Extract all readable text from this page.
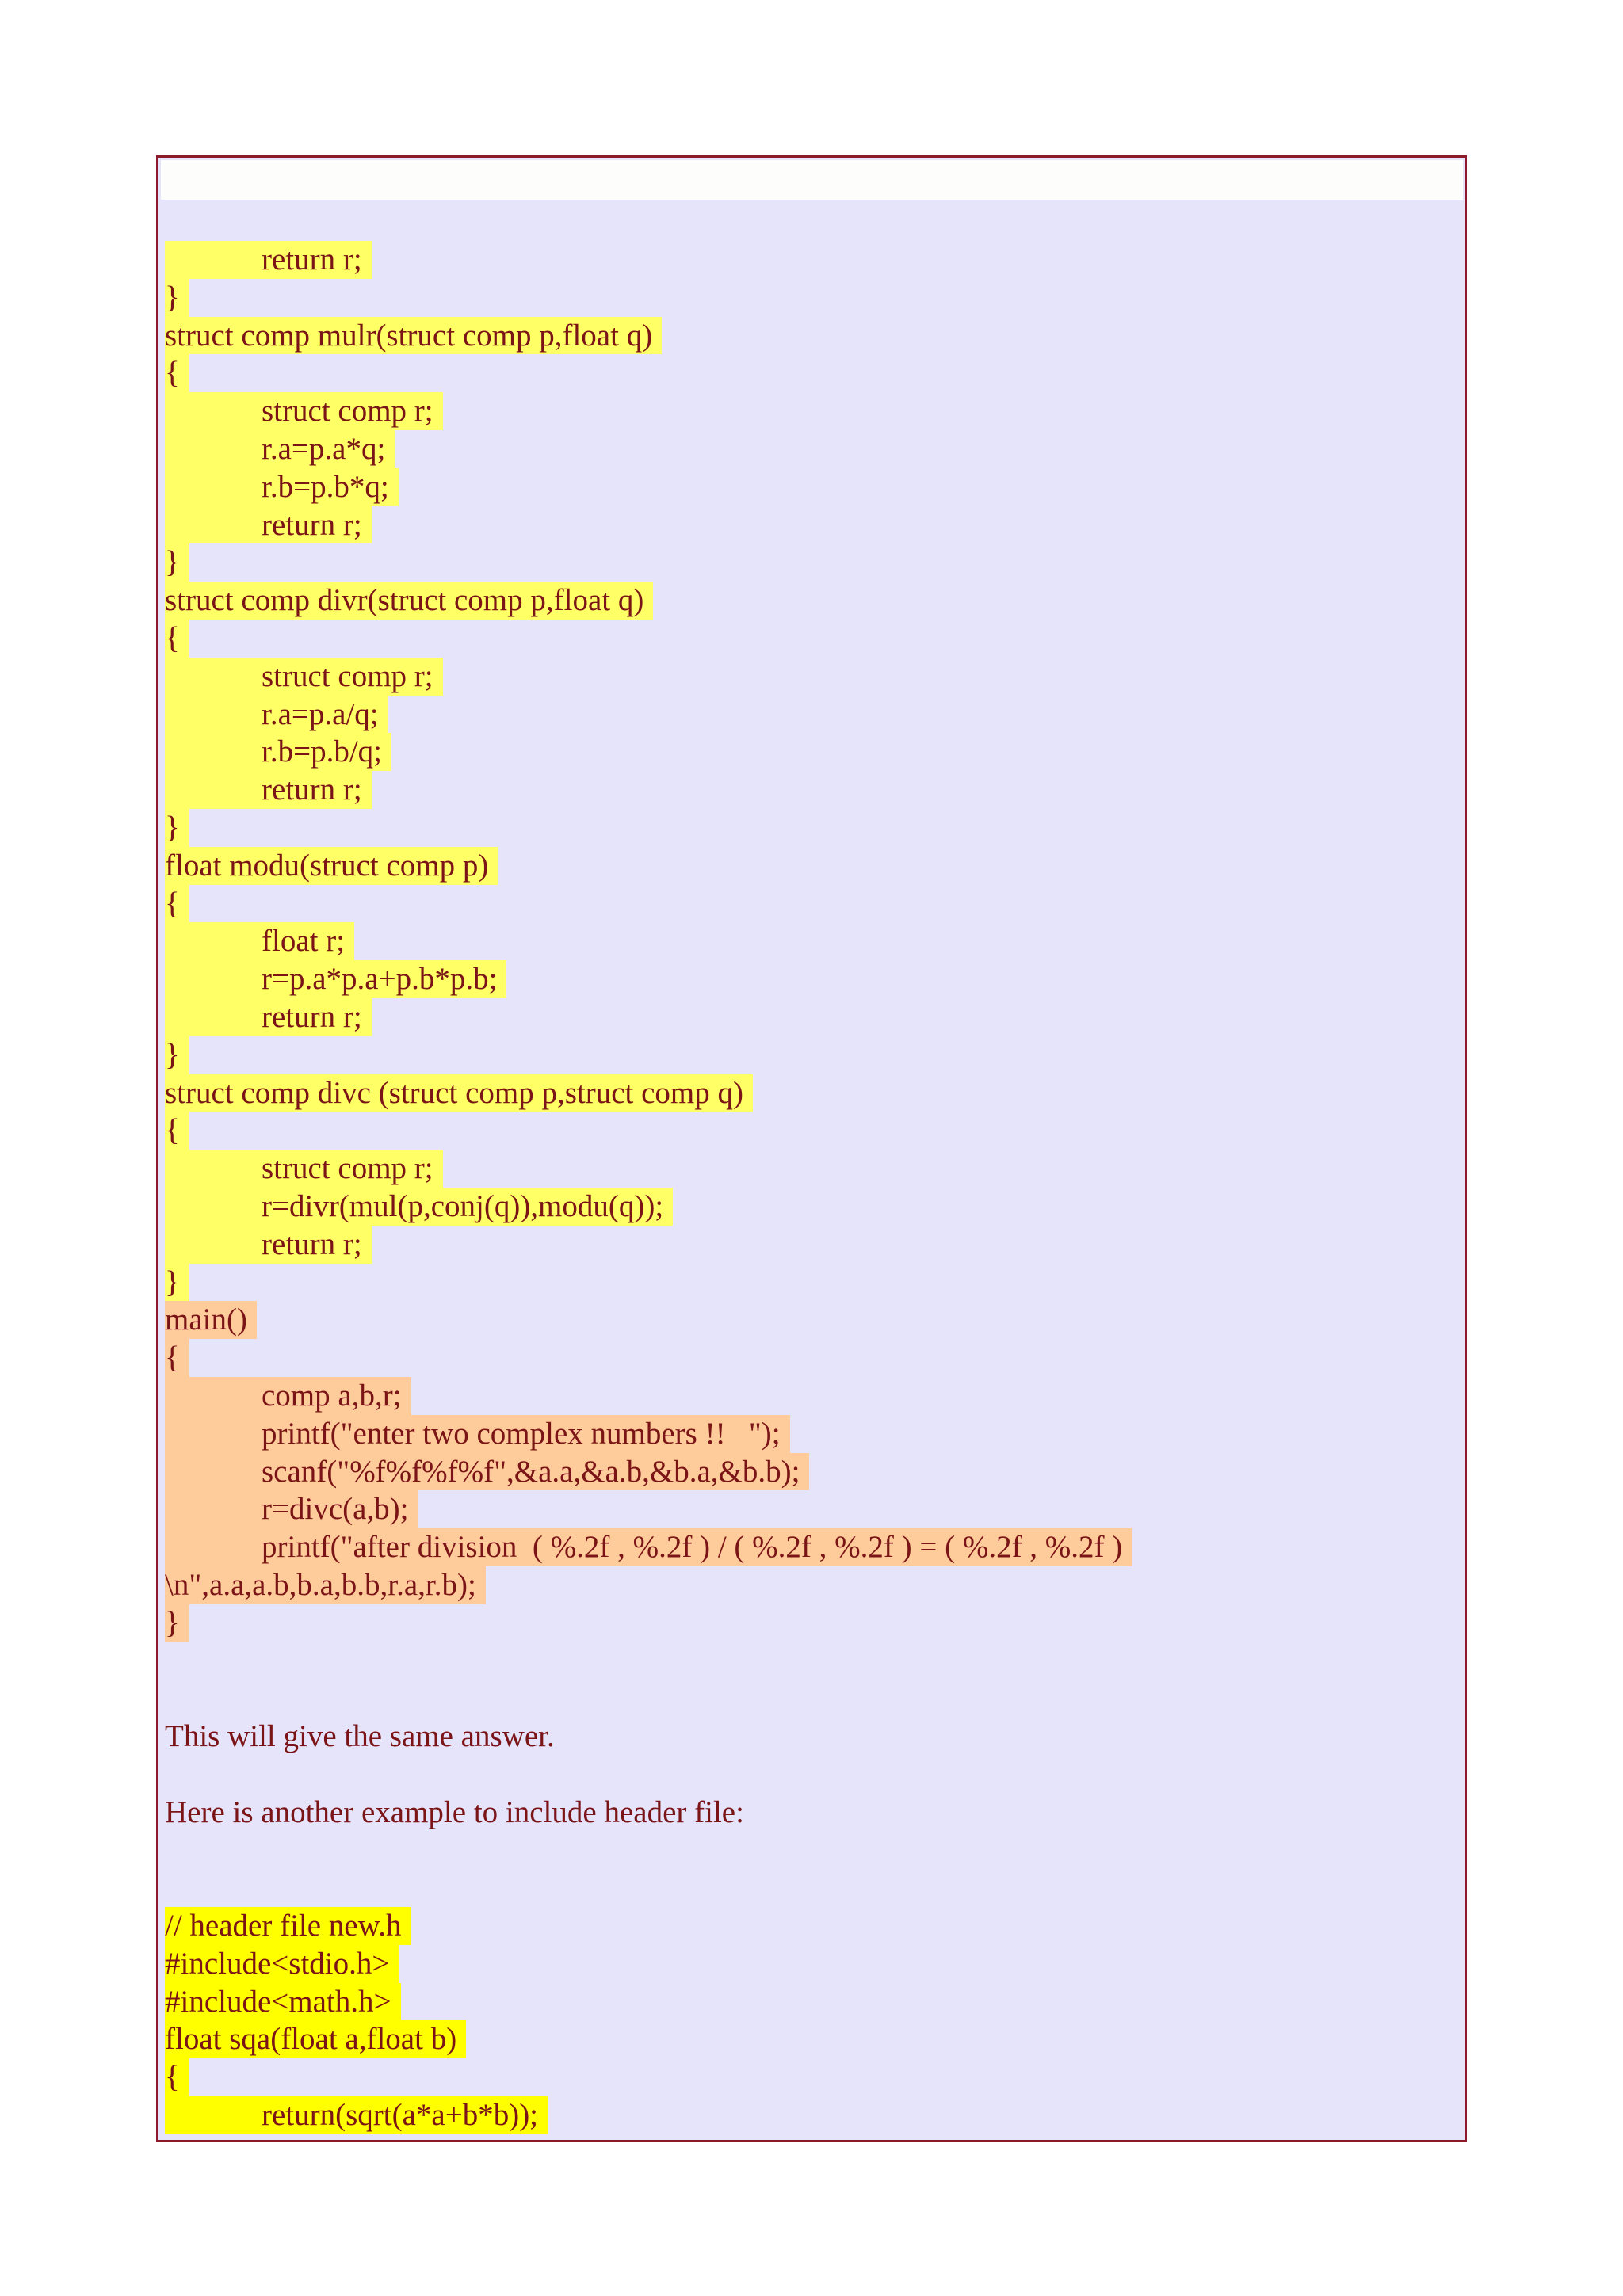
return r;
}
struct comp mulr(struct comp p,float q)
{
struct comp r;
r.a=p.a*q;
r.b=p.b*q;
return r;
}
struct comp divr(struct comp p,float q)
{
struct comp r;
r.a=p.a/q;
r.b=p.b/q;
return r;
}
float modu(struct comp p)
{
float r;
r=p.a*p.a+p.b*p.b;
return r;
}
struct comp divc (struct comp p,struct comp q)
{
struct comp r;
r=divr(mul(p,conj(q)),modu(q));
return r;
}
main()
{
comp a,b,r;
printf("enter two complex numbers !!   ");
scanf("%f%f%f%f",&a.a,&a.b,&b.a,&b.b);
r=divc(a,b);
printf("after division  ( %.2f , %.2f ) / ( %.2f , %.2f ) = ( %.2f , %.2f )
\n",a.a,a.b,b.a,b.b,r.a,r.b);
}
This will give the same answer.
Here is another example to include header file:
// header file new.h
#include<stdio.h>
#include<math.h>
float sqa(float a,float b)
{
return(sqrt(a*a+b*b));
